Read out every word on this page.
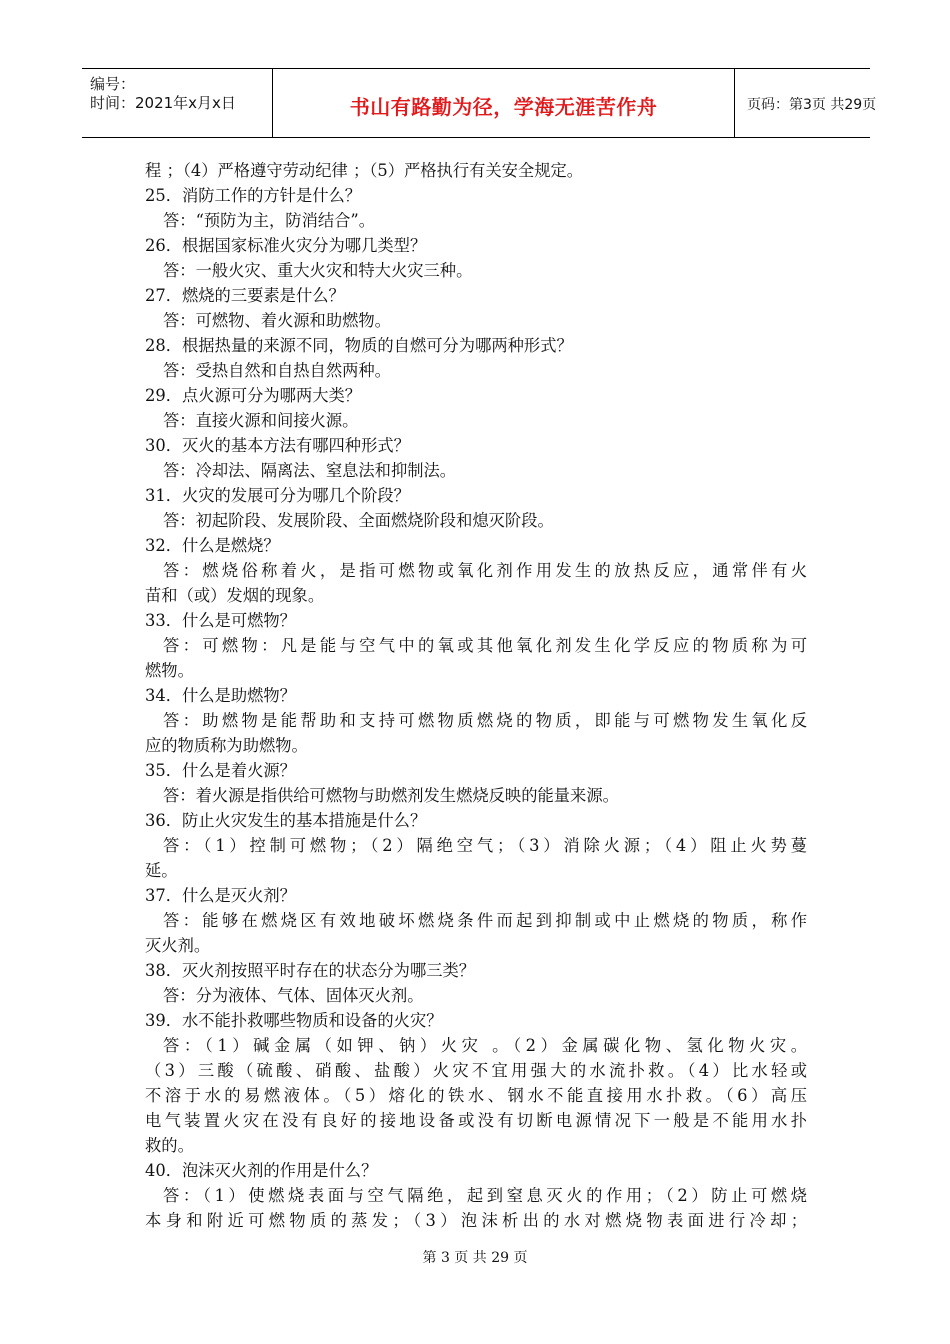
编号：
时间：2021年x月x日	书山有路勤为径，学海无涯苦作舟	页码：第3页 共29页
程 ；（4）严格遵守劳动纪律 ；（5）严格执行有关安全规定。
25．消防工作的方针是什么？
答：“预防为主，防消结合”。
26．根据国家标准火灾分为哪几类型？
答：一般火灾、重大火灾和特大火灾三种。
27．燃烧的三要素是什么？
答：可燃物、着火源和助燃物。
28．根据热量的来源不同，物质的自燃可分为哪两种形式？
答：受热自然和自热自然两种。
29．点火源可分为哪两大类？
答：直接火源和间接火源。
30．灭火的基本方法有哪四种形式？
答：冷却法、隔离法、窒息法和抑制法。
31．火灾的发展可分为哪几个阶段？
答：初起阶段、发展阶段、全面燃烧阶段和熄灭阶段。
32．什么是燃烧？
答：燃烧俗称着火，是指可燃物或氧化剂作用发生的放热反应，通常伴有火
苗和（或）发烟的现象。
33．什么是可燃物？
答：可燃物：凡是能与空气中的氧或其他氧化剂发生化学反应的物质称为可
燃物。
34．什么是助燃物？
答：助燃物是能帮助和支持可燃物质燃烧的物质，即能与可燃物发生氧化反
应的物质称为助燃物。
35．什么是着火源？
答：着火源是指供给可燃物与助燃剂发生燃烧反映的能量来源。
36．防止火灾发生的基本措施是什么？
答：（1）控制可燃物；（2）隔绝空气；（3）消除火源；（4）阻止火势蔓
延。
37．什么是灭火剂？
答：能够在燃烧区有效地破坏燃烧条件而起到抑制或中止燃烧的物质，称作
灭火剂。
38．灭火剂按照平时存在的状态分为哪三类？
答：分为液体、气体、固体灭火剂。
39．水不能扑救哪些物质和设备的火灾？
答：（1）碱金属（如钾、钠）火灾 。（2）金属碳化物、氢化物火灾。
（3）三酸（硫酸、硝酸、盐酸）火灾不宜用强大的水流扑救。（4）比水轻或
不溶于水的易燃液体。（5）熔化的铁水、钢水不能直接用水扑救。（6）高压
电气装置火灾在没有良好的接地设备或没有切断电源情况下一般是不能用水扑
救的。
40．泡沫灭火剂的作用是什么？
答：（1）使燃烧表面与空气隔绝，起到窒息灭火的作用；（2）防止可燃烧
本身和附近可燃物质的蒸发；（3）泡沫析出的水对燃烧物表面进行冷却；
第 3 页 共 29 页
